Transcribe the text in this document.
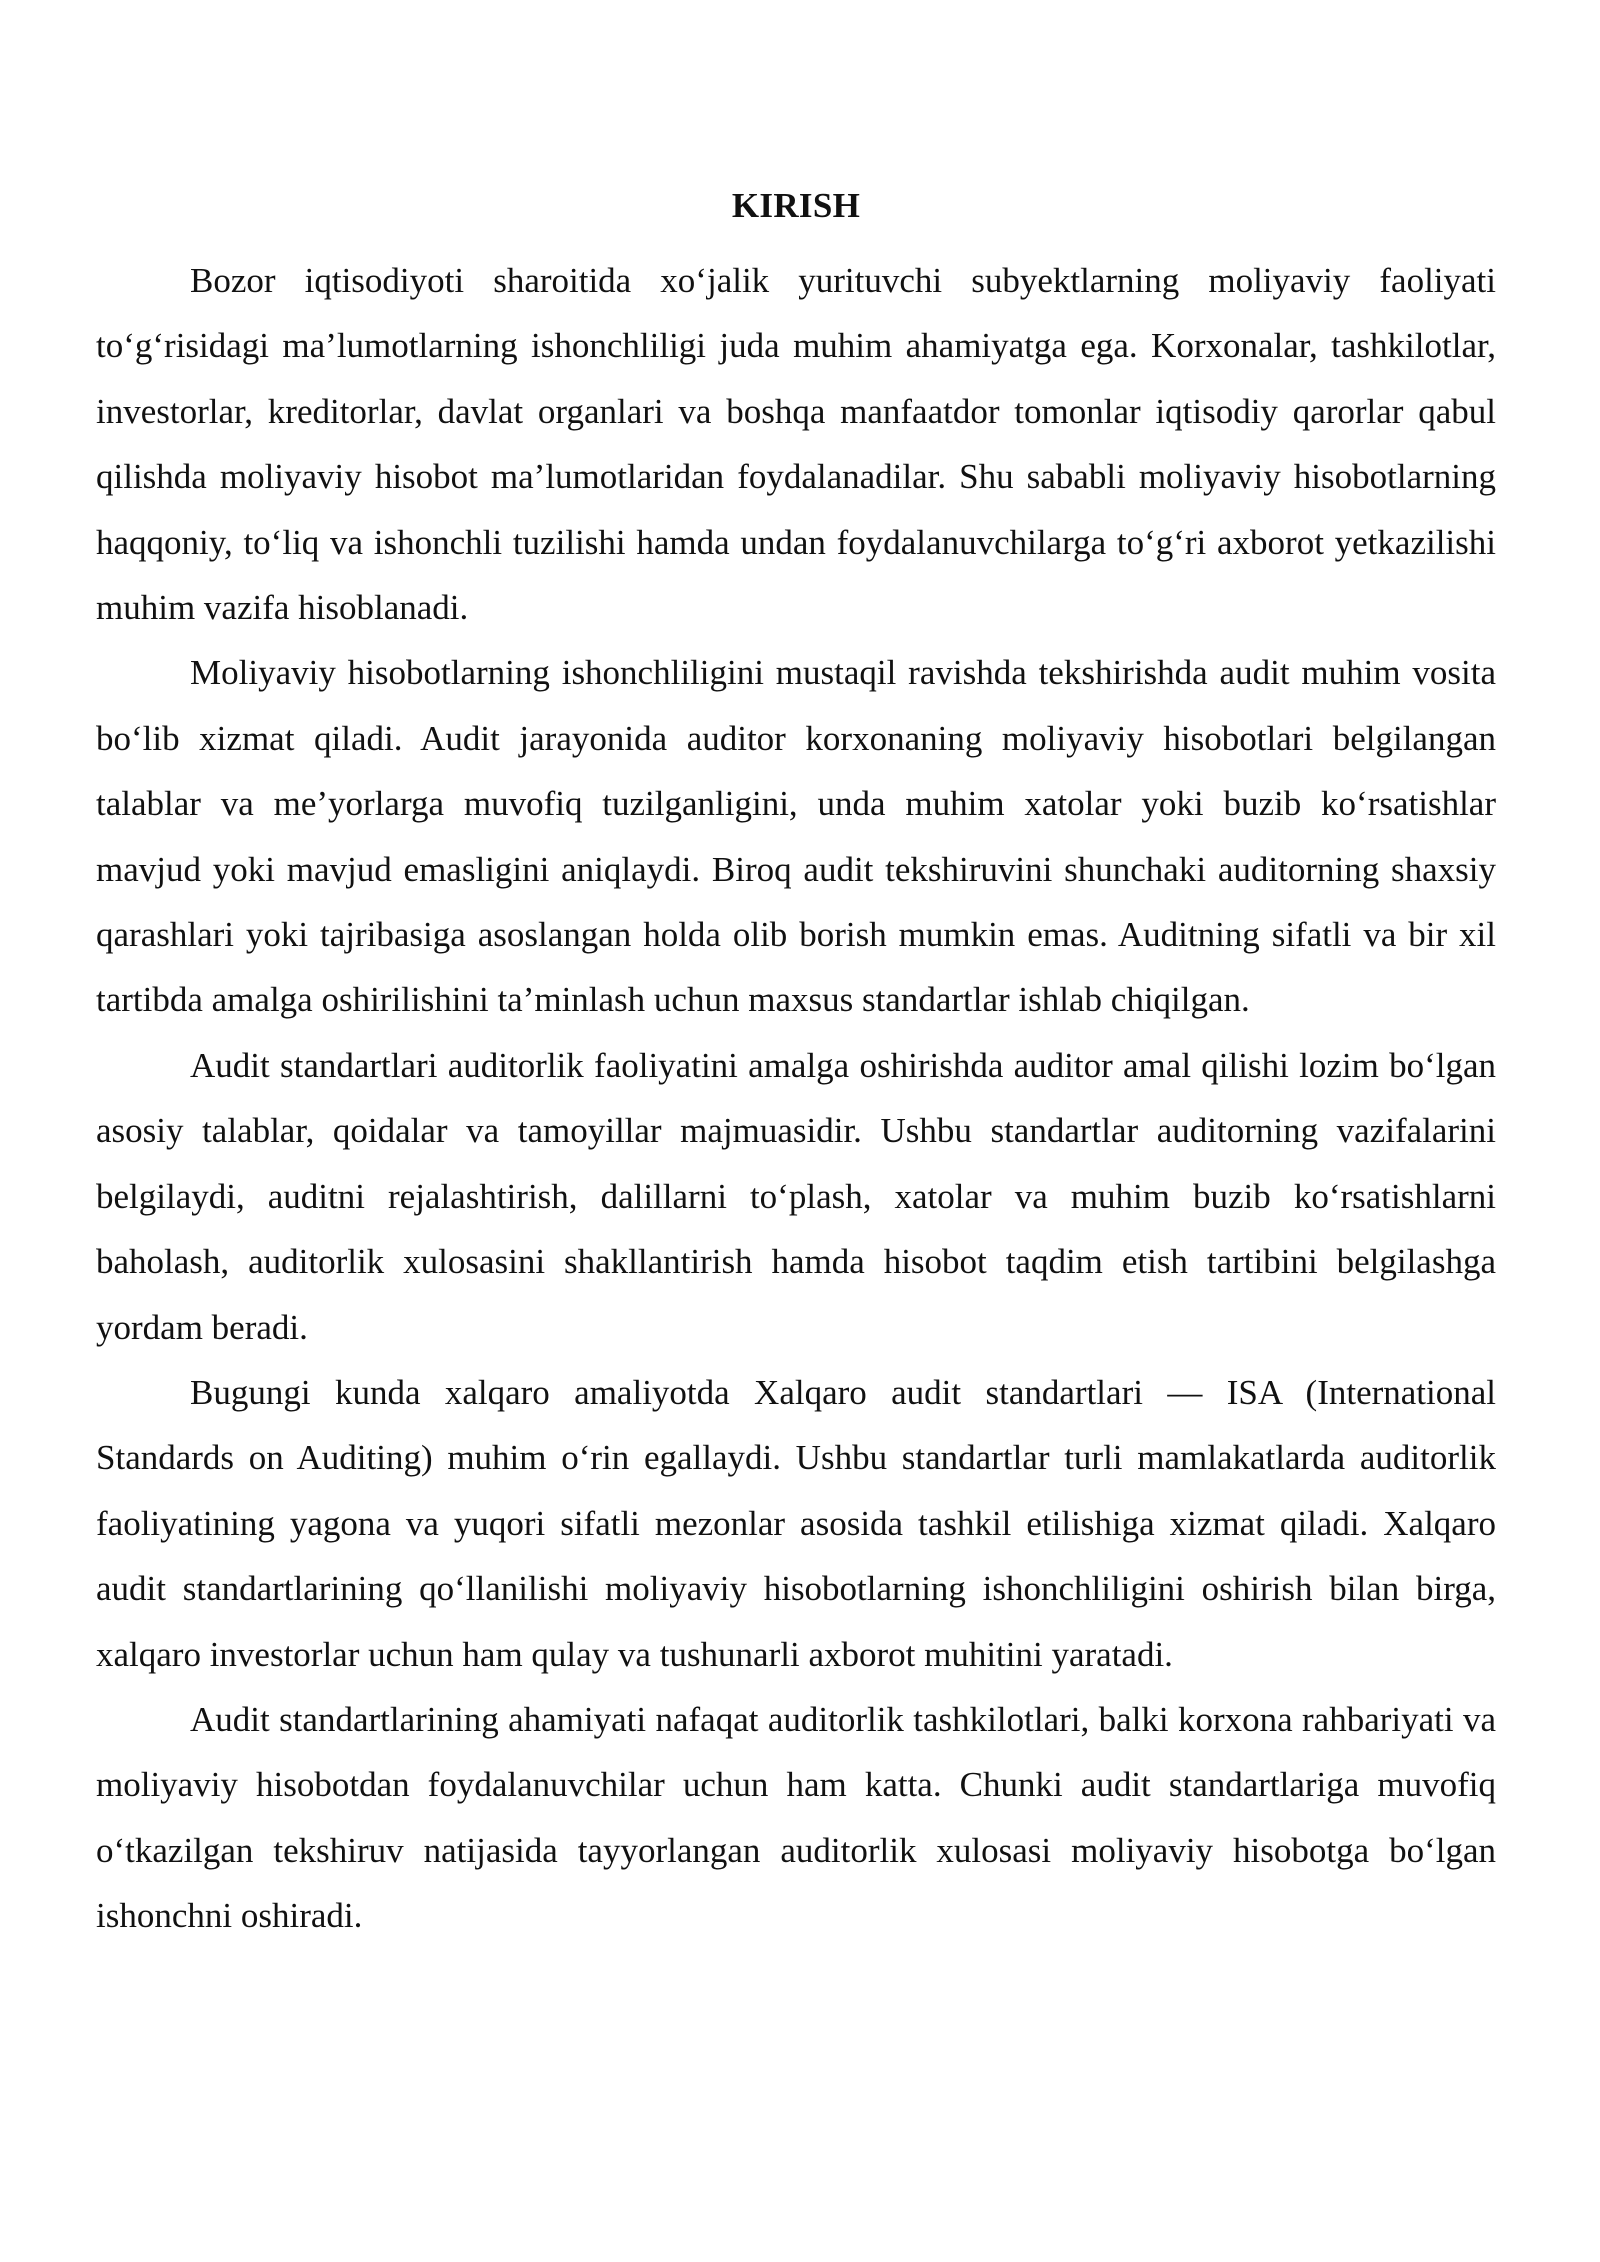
KIRISH

Bozor iqtisodiyoti sharoitida xo‘jalik yurituvchi subyektlarning moliyaviy faoliyati to‘g‘risidagi ma’lumotlarning ishonchliligi juda muhim ahamiyatga ega. Korxonalar, tashkilotlar, investorlar, kreditorlar, davlat organlari va boshqa manfaatdor tomonlar iqtisodiy qarorlar qabul qilishda moliyaviy hisobot ma’lumotlaridan foydalanadilar. Shu sababli moliyaviy hisobotlarning haqqoniy, to‘liq va ishonchli tuzilishi hamda undan foydalanuvchilarga to‘g‘ri axborot yetkazilishi muhim vazifa hisoblanadi.

Moliyaviy hisobotlarning ishonchliligini mustaqil ravishda tekshirishda audit muhim vosita bo‘lib xizmat qiladi. Audit jarayonida auditor korxonaning moliyaviy hisobotlari belgilangan talablar va me’yorlarga muvofiq tuzilganligini, unda muhim xatolar yoki buzib ko‘rsatishlar mavjud yoki mavjud emasligini aniqlaydi. Biroq audit tekshiruvini shunchaki auditorning shaxsiy qarashlari yoki tajribasiga asoslangan holda olib borish mumkin emas. Auditning sifatli va bir xil tartibda amalga oshirilishini ta’minlash uchun maxsus standartlar ishlab chiqilgan.

Audit standartlari auditorlik faoliyatini amalga oshirishda auditor amal qilishi lozim bo‘lgan asosiy talablar, qoidalar va tamoyillar majmuasidir. Ushbu standartlar auditorning vazifalarini belgilaydi, auditni rejalashtirish, dalillarni to‘plash, xatolar va muhim buzib ko‘rsatishlarni baholash, auditorlik xulosasini shakllantirish hamda hisobot taqdim etish tartibini belgilashga yordam beradi.

Bugungi kunda xalqaro amaliyotda Xalqaro audit standartlari — ISA (International Standards on Auditing) muhim o‘rin egallaydi. Ushbu standartlar turli mamlakatlarda auditorlik faoliyatining yagona va yuqori sifatli mezonlar asosida tashkil etilishiga xizmat qiladi. Xalqaro audit standartlarining qo‘llanilishi moliyaviy hisobotlarning ishonchliligini oshirish bilan birga, xalqaro investorlar uchun ham qulay va tushunarli axborot muhitini yaratadi.

Audit standartlarining ahamiyati nafaqat auditorlik tashkilotlari, balki korxona rahbariyati va moliyaviy hisobotdan foydalanuvchilar uchun ham katta. Chunki audit standartlariga muvofiq o‘tkazilgan tekshiruv natijasida tayyorlangan auditorlik xulosasi moliyaviy hisobotga bo‘lgan ishonchni oshiradi.
